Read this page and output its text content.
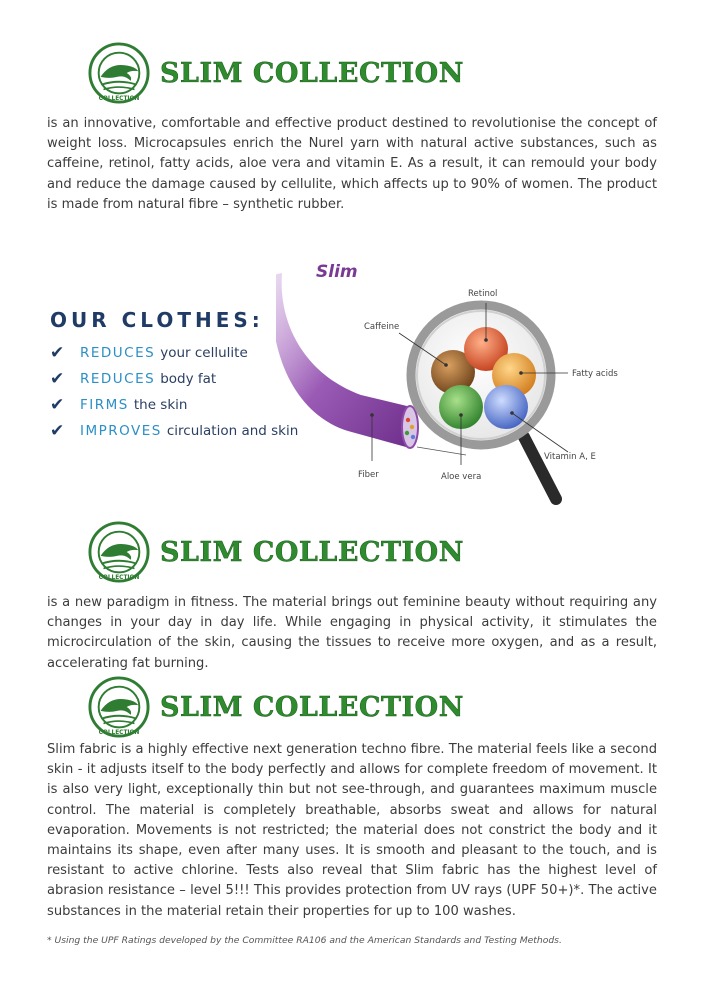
COLLECTION
SLIM COLLECTION

is an innovative, comfortable and effective product destined to revolutionise the concept of weight loss. Microcapsules enrich the Nurel yarn with natural active substances, such as caffeine, retinol, fatty acids, aloe vera and vitamin E. As a result, it can remould your body and reduce the damage caused by cellulite, which affects up to 90% of women. The product is made from natural fibre – synthetic rubber.

OUR CLOTHES:
✔	REDUCES your cellulite
✔	REDUCES body fat
✔	FIRMS the skin
✔	IMPROVES circulation and skin
Slim
Retinol
Caffeine
Fatty acids
Vitamin A, E
Fiber	Aloe vera
COLLECTION
SLIM COLLECTION

is a new paradigm in fitness. The material brings out feminine beauty without requiring any changes in your day in day life. While engaging in physical activity, it stimulates the microcirculation of the skin, causing the tissues to receive more oxygen, and as a result, accelerating fat burning.

COLLECTION
SLIM COLLECTION

Slim fabric is a highly effective next generation techno fibre. The material feels like a second skin - it adjusts itself to the body perfectly and allows for complete freedom of movement. It is also very light, exceptionally thin but not see-through, and guarantees maximum muscle control. The material is completely breathable, absorbs sweat and allows for natural evaporation. Movements is not restricted; the material does not constrict the body and it maintains its shape, even after many uses. It is smooth and pleasant to the touch, and is resistant to active chlorine. Tests also reveal that Slim fabric has the highest level of abrasion resistance – level 5!!! This provides protection from UV rays (UPF 50+)*. The active substances in the material retain their properties for up to 100 washes.

* Using the UPF Ratings developed by the Committee RA106 and the American Standards and Testing Methods.
